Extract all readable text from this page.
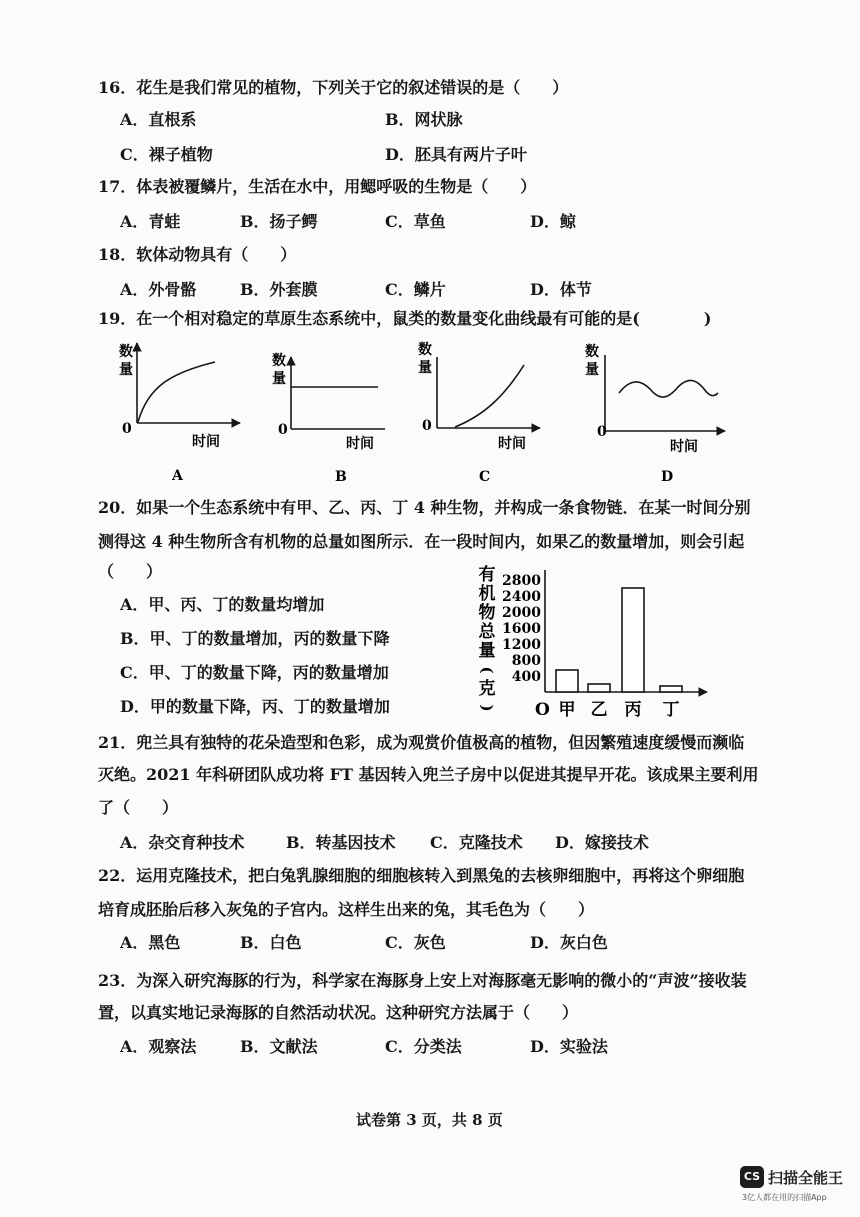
16．花生是我们常见的植物，下列关于它的叙述错误的是（　　）
A．直根系	B．网状脉
C．裸子植物	D．胚具有两片子叶
17．体表被覆鳞片，生活在水中，用鳃呼吸的生物是（　　）
A．青蛙	B．扬子鳄	C．草鱼	D．鲸
18．软体动物具有（　　）
A．外骨骼	B．外套膜	C．鳞片	D．体节
19．在一个相对稳定的草原生态系统中，鼠类的数量变化曲线最有可能的是(　　　　)
数
量
0
时间
A
数
量
0
时间
B
数
量
0
时间
C
数
量
0
时间
D
20．如果一个生态系统中有甲、乙、丙、丁 4 种生物，并构成一条食物链．在某一时间分别
测得这 4 种生物所含有机物的总量如图所示．在一段时间内，如果乙的数量增加，则会引起
（　　）
A．甲、丙、丁的数量均增加
B．甲、丁的数量增加，丙的数量下降
C．甲、丁的数量下降，丙的数量增加
D．甲的数量下降，丙、丁的数量增加
有
机
物
总
量
(
克
)
400
800
1200
1600
2000
2400
2800
甲 乙 丙 丁
O
21．兜兰具有独特的花朵造型和色彩，成为观赏价值极高的植物，但因繁殖速度缓慢而濒临
灭绝。2021 年科研团队成功将 FT 基因转入兜兰子房中以促进其提早开花。该成果主要利用
了（　　）
A．杂交育种技术	B．转基因技术 C．克隆技术 D．嫁接技术
22．运用克隆技术，把白兔乳腺细胞的细胞核转入到黑兔的去核卵细胞中，再将这个卵细胞
培育成胚胎后移入灰兔的子宫内。这样生出来的兔，其毛色为（　　）
A．黑色	B．白色	C．灰色	D．灰白色
23．为深入研究海豚的行为，科学家在海豚身上安上对海豚毫无影响的微小的“声波”接收装
置，以真实地记录海豚的自然活动状况。这种研究方法属于（　　）
A．观察法	B．文献法	C．分类法	D．实验法
试卷第 3 页，共 8 页
CS 扫描全能王
3亿人都在用的扫描App
